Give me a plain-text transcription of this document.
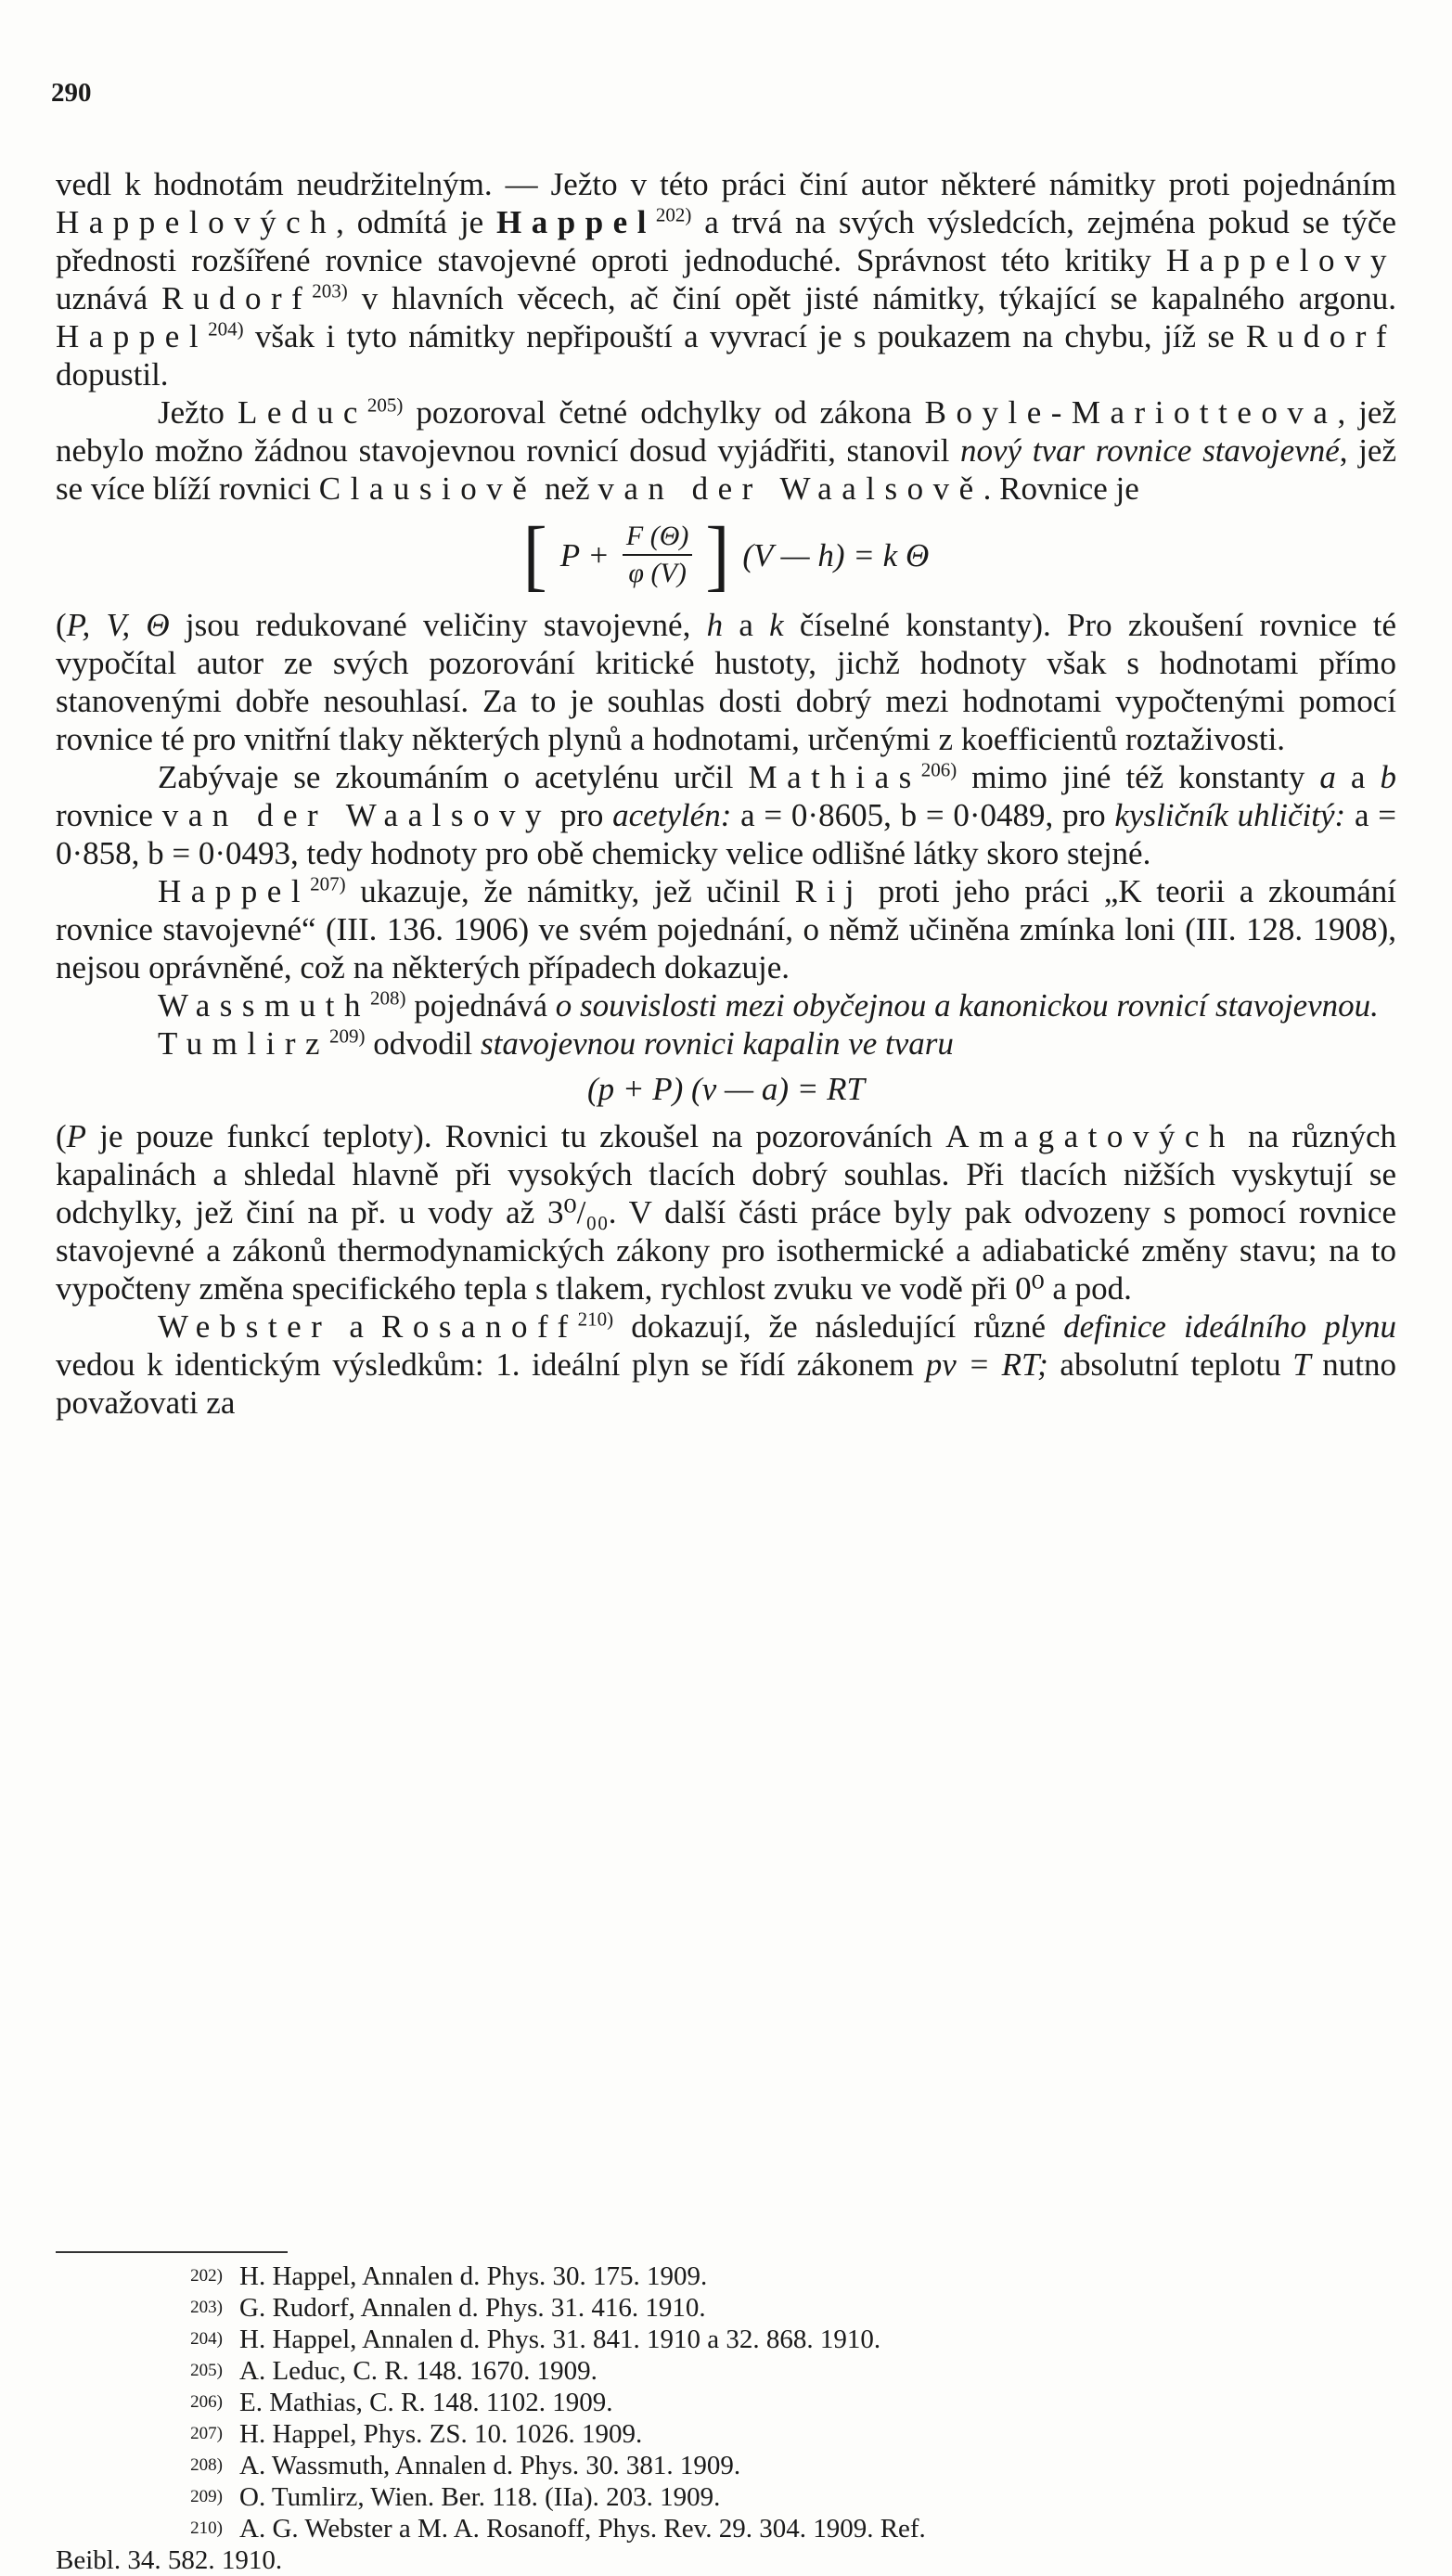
290

vedl k hodnotám neudržitelným. — Ježto v této práci činí autor některé námitky proti pojednáním Happelových, odmítá je Happel$^{202)}$ a trvá na svých výsledcích, zejména pokud se týče přednosti rozšířené rovnice stavojevné oproti jednoduché. Správnost této kritiky Happelovy uznává Rudorf$^{203)}$ v hlavních věcech, ač činí opět jisté námitky, týkající se kapalného argonu. Happel$^{204)}$ však i tyto námitky nepřipouští a vyvrací je s poukazem na chybu, jíž se Rudorf dopustil.

Ježto Leduc$^{205)}$ pozoroval četné odchylky od zákona Boyle-Mariotteova, jež nebylo možno žádnou stavojevnou rovnicí dosud vyjádřiti, stanovil nový tvar rovnice stavojevné, jež se více blíží rovnici Clausiově než van der Waalsově. Rovnice je

[ $P + \frac{F (\Theta)}{\varphi (V)}$ ] (V — h) = k Θ

(P, V, Θ jsou redukované veličiny stavojevné, h a k číselné konstanty). Pro zkoušení rovnice té vypočítal autor ze svých pozorování kritické hustoty, jichž hodnoty však s hodnotami přímo stanovenými dobře nesouhlasí. Za to je souhlas dosti dobrý mezi hodnotami vypočtenými pomocí rovnice té pro vnitřní tlaky některých plynů a hodnotami, určenými z koefficientů roztaživosti.

Zabývaje se zkoumáním o acetylénu určil Mathias$^{206)}$ mimo jiné též konstanty a a b rovnice van der Waalsovy pro acetylén: a = 0·8605, b = 0·0489, pro kysličník uhličitý: a = 0·858, b = 0·0493, tedy hodnoty pro obě chemicky velice odlišné látky skoro stejné.

Happel$^{207)}$ ukazuje, že námitky, jež učinil Rij proti jeho práci „K teorii a zkoumání rovnice stavojevné“ (III. 136. 1906) ve svém pojednání, o němž učiněna zmínka loni (III. 128. 1908), nejsou oprávněné, což na některých případech dokazuje.

Wassmuth$^{208)}$ pojednává o souvislosti mezi obyčejnou a kanonickou rovnicí stavojevnou.

Tumlirz$^{209)}$ odvodil stavojevnou rovnici kapalin ve tvaru

(p + P) (v — a) = RT

(P je pouze funkcí teploty). Rovnici tu zkoušel na pozorováních Amagatových na různých kapalinách a shledal hlavně při vysokých tlacích dobrý souhlas. Při tlacích nižších vyskytují se odchylky, jež činí na př. u vody až 3⁰/₀₀. V další části práce byly pak odvozeny s pomocí rovnice stavojevné a zákonů thermodynamických zákony pro isothermické a adiabatické změny stavu; na to vypočteny změna specifického tepla s tlakem, rychlost zvuku ve vodě při 0⁰ a pod.

Webster a Rosanoff$^{210)}$ dokazují, že následující různé definice ideálního plynu vedou k identickým výsledkům: 1. ideální plyn se řídí zákonem pv = RT; absolutní teplotu T nutno považovati za

202) H. Happel, Annalen d. Phys. 30. 175. 1909.
203) G. Rudorf, Annalen d. Phys. 31. 416. 1910.
204) H. Happel, Annalen d. Phys. 31. 841. 1910 a 32. 868. 1910.
205) A. Leduc, C. R. 148. 1670. 1909.
206) E. Mathias, C. R. 148. 1102. 1909.
207) H. Happel, Phys. ZS. 10. 1026. 1909.
208) A. Wassmuth, Annalen d. Phys. 30. 381. 1909.
209) O. Tumlirz, Wien. Ber. 118. (IIa). 203. 1909.
210) A. G. Webster a M. A. Rosanoff, Phys. Rev. 29. 304. 1909. Ref.
Beibl. 34. 582. 1910.
